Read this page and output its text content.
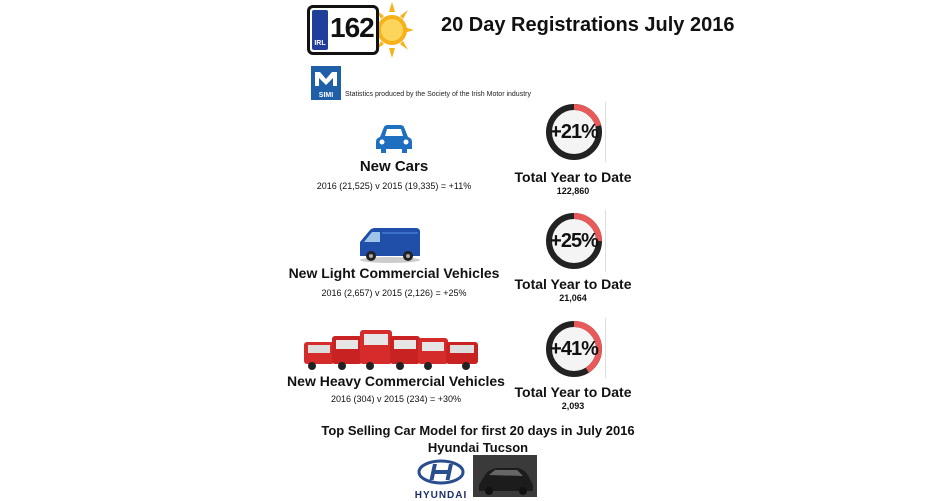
IRL
162	20 Day Registrations July 2016
SIMI	Statistics produced by the Society of the Irish Motor industry
New Cars
2016 (21,525) v 2015 (19,335) = +11%
+21%
Total Year to Date
122,860
New Light Commercial Vehicles
2016 (2,657) v 2015 (2,126) = +25%
+25%
Total Year to Date
21,064
New Heavy Commercial Vehicles
2016 (304) v 2015 (234) = +30%
+41%
Total Year to Date
2,093
Top Selling Car Model for first 20 days in July 2016
Hyundai Tucson
HYUNDAI
